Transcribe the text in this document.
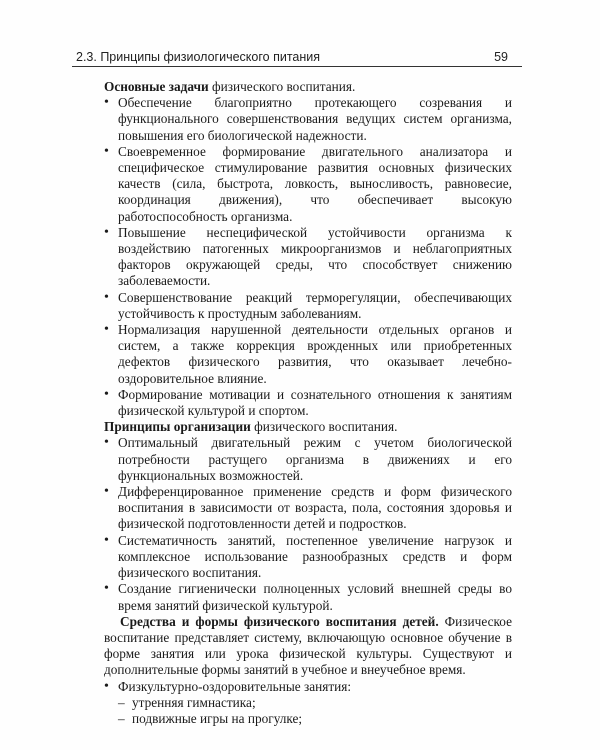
2.3. Принципы физиологического питания	59

Основные задачи физического воспитания.

• Обеспечение благоприятно протекающего созревания и функционального совершенствования ведущих систем организма, повышения его биологической надежности.
• Своевременное формирование двигательного анализатора и специфическое стимулирование развития основных физических качеств (сила, быстрота, ловкость, выносливость, равновесие, координация движения), что обеспечивает высокую работоспособность организма.
• Повышение неспецифической устойчивости организма к воздействию патогенных микроорганизмов и неблагоприятных факторов окружающей среды, что способствует снижению заболеваемости.
• Совершенствование реакций терморегуляции, обеспечивающих устойчивость к простудным заболеваниям.
• Нормализация нарушенной деятельности отдельных органов и систем, а также коррекция врожденных или приобретенных дефектов физического развития, что оказывает лечебно-оздоровительное влияние.
• Формирование мотивации и сознательного отношения к занятиям физической культурой и спортом.

Принципы организации физического воспитания.

• Оптимальный двигательный режим с учетом биологической потребности растущего организма в движениях и его функциональных возможностей.
• Дифференцированное применение средств и форм физического воспитания в зависимости от возраста, пола, состояния здоровья и физической подготовленности детей и подростков.
• Систематичность занятий, постепенное увеличение нагрузок и комплексное использование разнообразных средств и форм физического воспитания.
• Создание гигиенически полноценных условий внешней среды во время занятий физической культурой.

Средства и формы физического воспитания детей. Физическое воспитание представляет систему, включающую основное обучение в форме занятия или урока физической культуры. Существуют и дополнительные формы занятий в учебное и внеучебное время.

• Физкультурно-оздоровительные занятия:
– утренняя гимнастика;
– подвижные игры на прогулке;
